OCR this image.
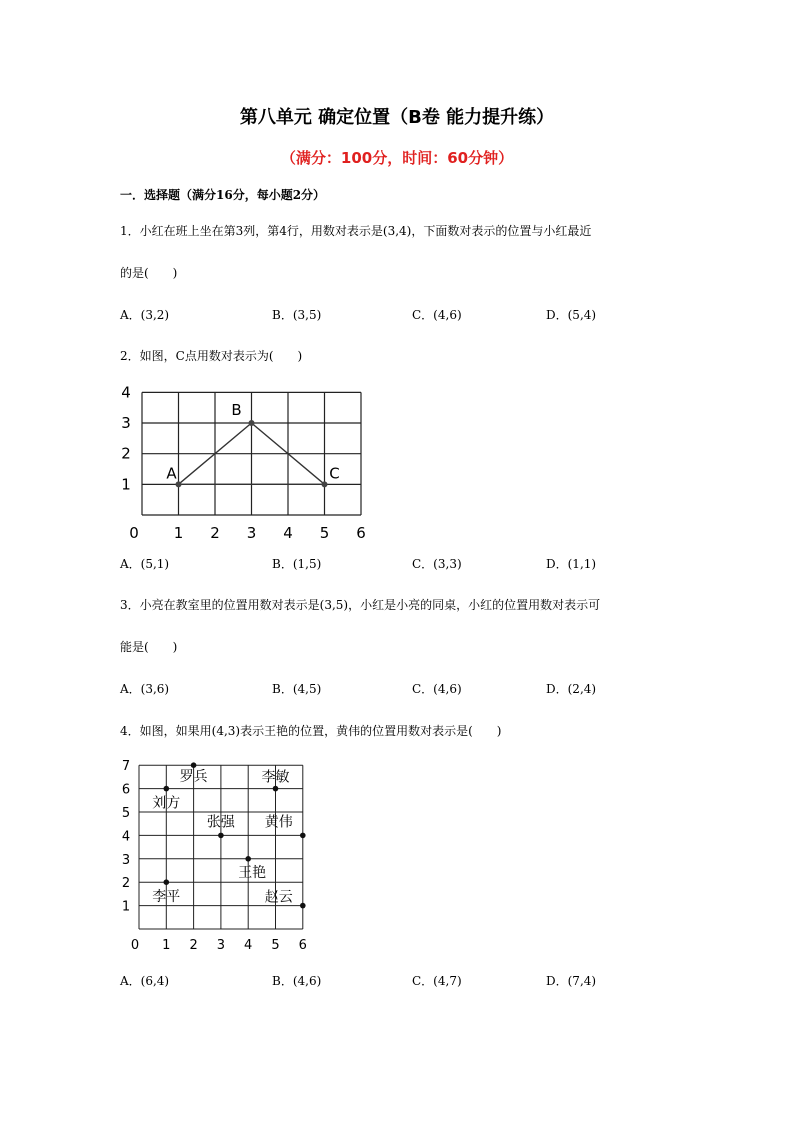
第八单元 确定位置（B卷 能力提升练）
（满分：100分，时间：60分钟）
一．选择题（满分16分，每小题2分）
1．小红在班上坐在第3列，第4行，用数对表示是(3,4)，下面数对表示的位置与小红最近
的是(　　)
A．(3,2)	B．(3,5)	C．(4,6)	D．(5,4)
2．如图，C点用数对表示为(　　)
0 1 2 3 4 5 6
1
2
3
4
A
B
C
A．(5,1)	B．(1,5)	C．(3,3)	D．(1,1)
3．小亮在教室里的位置用数对表示是(3,5)，小红是小亮的同桌，小红的位置用数对表示可
能是(　　)
A．(3,6)	B．(4,5)	C．(4,6)	D．(2,4)
4．如图，如果用(4,3)表示王艳的位置，黄伟的位置用数对表示是(　　)
0 1 2 3 4 5 6
1
2
3
4
5
6
7
罗兵	李敏
刘方
张强 黄伟
王艳
李平	赵云
A．(6,4)	B．(4,6)	C．(4,7)	D．(7,4)
